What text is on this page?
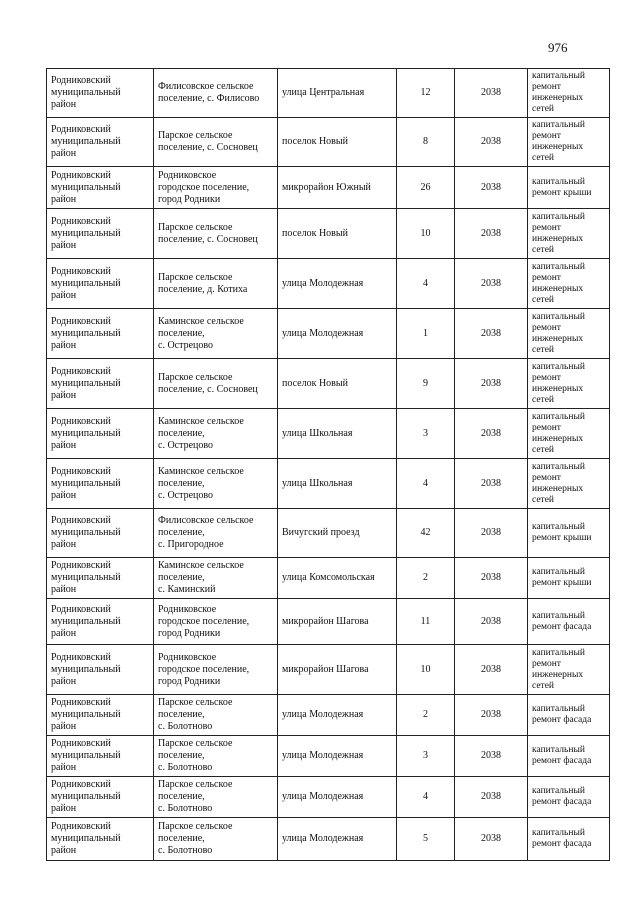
976
Родниковский
муниципальный
район	Филисовское сельское
поселение, с. Филисово	улица Центральная	12	2038	капитальный
ремонт
инженерных
сетей

Родниковский
муниципальный
район	Парское сельское
поселение, с. Сосновец	поселок Новый	8	2038	капитальный
ремонт
инженерных
сетей

Родниковский
муниципальный
район	Родниковское
городское поселение,
город Родники	микрорайон Южный	26	2038	капитальный
ремонт крыши

Родниковский
муниципальный
район	Парское сельское
поселение, с. Сосновец	поселок Новый	10	2038	капитальный
ремонт
инженерных
сетей

Родниковский
муниципальный
район	Парское сельское
поселение, д. Котиха	улица Молодежная	4	2038	капитальный
ремонт
инженерных
сетей

Родниковский
муниципальный
район	Каминское сельское
поселение,
с. Острецово	улица Молодежная	1	2038	капитальный
ремонт
инженерных
сетей

Родниковский
муниципальный
район	Парское сельское
поселение, с. Сосновец	поселок Новый	9	2038	капитальный
ремонт
инженерных
сетей

Родниковский
муниципальный
район	Каминское сельское
поселение,
с. Острецово	улица Школьная	3	2038	капитальный
ремонт
инженерных
сетей

Родниковский
муниципальный
район	Каминское сельское
поселение,
с. Острецово	улица Школьная	4	2038	капитальный
ремонт
инженерных
сетей

Родниковский
муниципальный
район	Филисовское сельское
поселение,
с. Пригородное	Вичугский проезд	42	2038	капитальный
ремонт крыши

Родниковский
муниципальный
район	Каминское сельское
поселение,
с. Каминский	улица Комсомольская	2	2038	капитальный
ремонт крыши

Родниковский
муниципальный
район	Родниковское
городское поселение,
город Родники	микрорайон Шагова	11	2038	капитальный
ремонт фасада

Родниковский
муниципальный
район	Родниковское
городское поселение,
город Родники	микрорайон Шагова	10	2038	капитальный
ремонт
инженерных
сетей

Родниковский
муниципальный
район	Парское сельское
поселение,
с. Болотново	улица Молодежная	2	2038	капитальный
ремонт фасада

Родниковский
муниципальный
район	Парское сельское
поселение,
с. Болотново	улица Молодежная	3	2038	капитальный
ремонт фасада

Родниковский
муниципальный
район	Парское сельское
поселение,
с. Болотново	улица Молодежная	4	2038	капитальный
ремонт фасада

Родниковский
муниципальный
район	Парское сельское
поселение,
с. Болотново	улица Молодежная	5	2038	капитальный
ремонт фасада
